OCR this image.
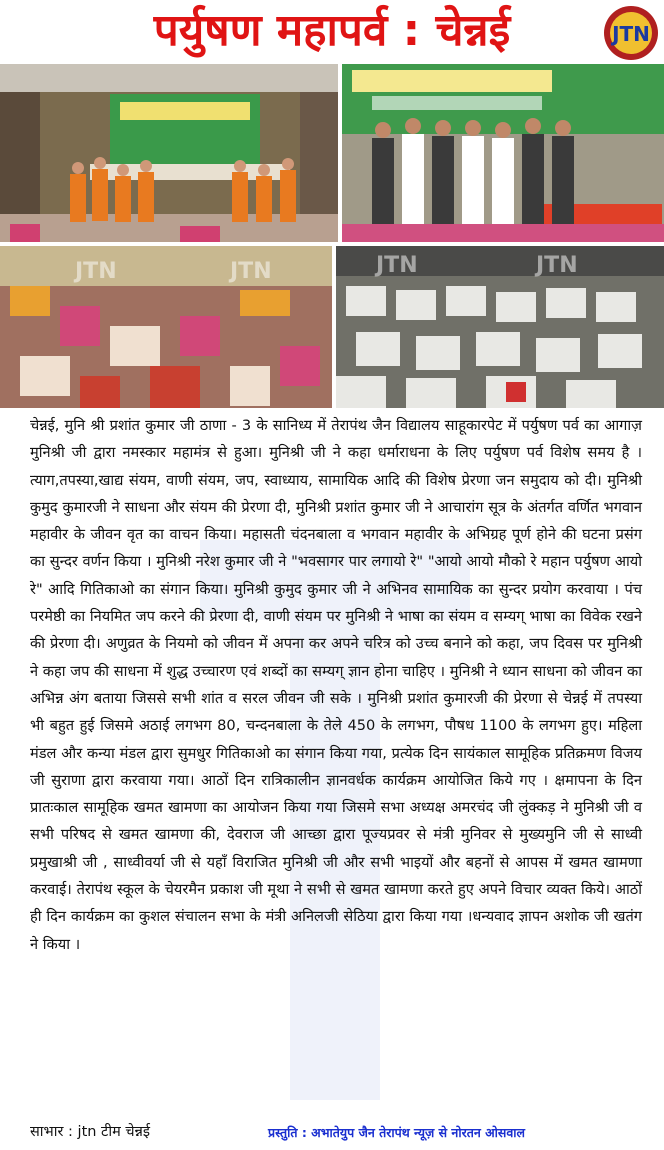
पर्युषण महापर्व : चेन्नई
JTN	JTN	JTN	JTN
JTN

चेन्नई, मुनि श्री प्रशांत कुमार जी ठाणा - 3 के सानिध्य में तेरापंथ जैन विद्यालय साहूकारपेट में पर्युषण पर्व का आगाज़ मुनिश्री जी द्वारा नमस्कार महामंत्र से हुआ। मुनिश्री जी ने कहा धर्माराधना के लिए पर्युषण पर्व विशेष समय है । त्याग,तपस्या,खाद्य संयम, वाणी संयम, जप, स्वाध्याय, सामायिक आदि की विशेष प्रेरणा जन समुदाय को दी। मुनिश्री कुमुद कुमारजी ने साधना और संयम की प्रेरणा दी, मुनिश्री प्रशांत कुमार जी ने आचारांग सूत्र के अंतर्गत वर्णित भगवान महावीर के जीवन वृत का वाचन किया। महासती चंदनबाला व भगवान महावीर के अभिग्रह पूर्ण होने की घटना प्रसंग का सुन्दर वर्णन किया । मुनिश्री नरेश कुमार जी ने "भवसागर पार लगायो रे" "आयो आयो मौको रे महान पर्युषण आयो रे" आदि गितिकाओ का संगान किया। मुनिश्री कुमुद कुमार जी ने अभिनव सामायिक का सुन्दर प्रयोग करवाया । पंच परमेष्ठी का नियमित जप करने की प्रेरणा दी, वाणी संयम पर मुनिश्री ने भाषा का संयम व सम्यग् भाषा का विवेक रखने की प्रेरणा दी। अणुव्रत के नियमो को जीवन में अपना कर अपने चरित्र को उच्च बनाने को कहा, जप दिवस पर मुनिश्री ने कहा जप की साधना में शुद्ध उच्चारण एवं शब्दों का सम्यग् ज्ञान होना चाहिए । मुनिश्री ने ध्यान साधना को जीवन का अभिन्न अंग बताया जिससे सभी शांत व सरल जीवन जी सके । मुनिश्री प्रशांत कुमारजी की प्रेरणा से चेन्नई में तपस्या भी बहुत हुई जिसमे अठाई लगभग 80, चन्दनबाला के तेले 450 के लगभग, पौषध 1100 के लगभग हुए। महिला मंडल और कन्या मंडल द्वारा सुमधुर गितिकाओ का संगान किया गया, प्रत्येक दिन सायंकाल सामूहिक प्रतिक्रमण विजय जी सुराणा द्वारा करवाया गया। आठों दिन रात्रिकालीन ज्ञानवर्धक कार्यक्रम आयोजित किये गए । क्षमापना के दिन प्रातःकाल सामूहिक खमत खामणा का आयोजन किया गया जिसमे सभा अध्यक्ष अमरचंद जी लुंक्कड़ ने मुनिश्री जी व सभी परिषद से खमत खामणा की, देवराज जी आच्छा द्वारा पूज्यप्रवर से मंत्री मुनिवर से मुख्यमुनि जी से साध्वी प्रमुखाश्री जी , साध्वीवर्या जी से यहाँ विराजित मुनिश्री जी और सभी भाइयों और बहनों से आपस में खमत खामणा करवाई। तेरापंथ स्कूल के चेयरमैन प्रकाश जी मूथा ने सभी से खमत खामणा करते हुए अपने विचार व्यक्त किये। आठों ही दिन कार्यक्रम का कुशल संचालन सभा के मंत्री अनिलजी सेठिया द्वारा किया गया ।धन्यवाद ज्ञापन अशोक जी खतंग ने किया ।

साभार : jtn टीम चेन्नई	प्रस्तुति : अभातेयुप जैन तेरापंथ न्यूज़ से नोरतन ओसवाल
